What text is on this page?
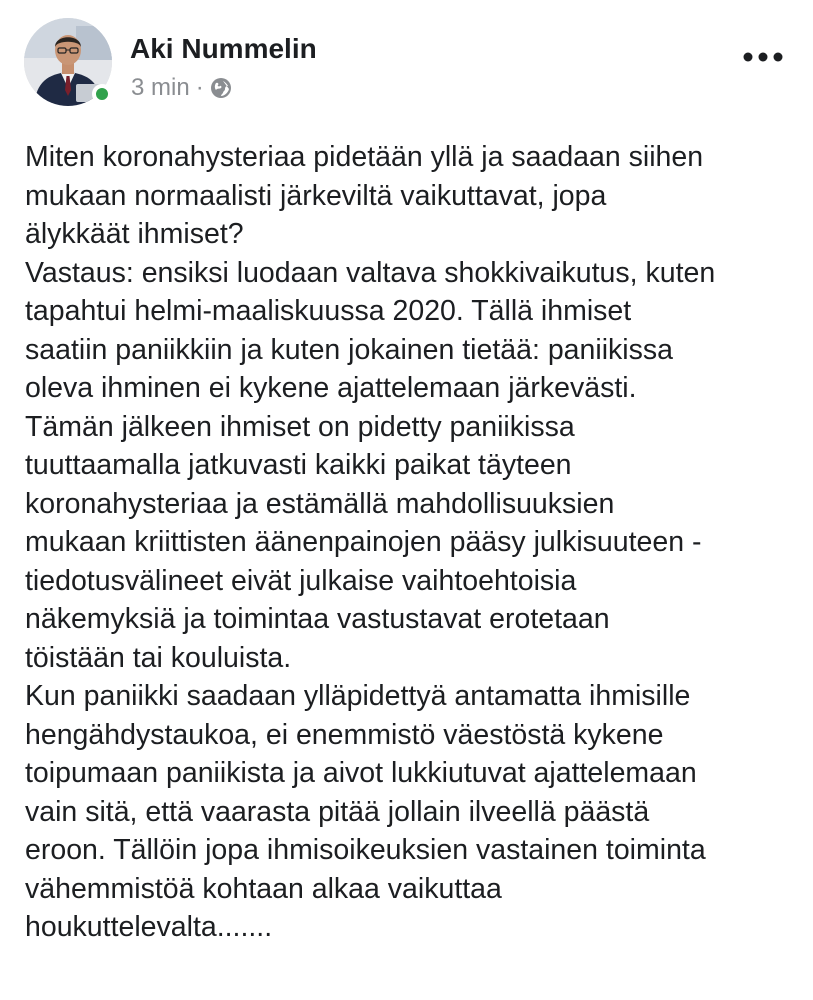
Aki Nummelin
3 min ·
Miten koronahysteriaa pidetään yllä ja saadaan siihen
mukaan normaalisti järkeviltä vaikuttavat, jopa
älykkäät ihmiset?
Vastaus: ensiksi luodaan valtava shokkivaikutus, kuten
tapahtui helmi-maaliskuussa 2020. Tällä ihmiset
saatiin paniikkiin ja kuten jokainen tietää: paniikissa
oleva ihminen ei kykene ajattelemaan järkevästi.
Tämän jälkeen ihmiset on pidetty paniikissa
tuuttaamalla jatkuvasti kaikki paikat täyteen
koronahysteriaa ja estämällä mahdollisuuksien
mukaan kriittisten äänenpainojen pääsy julkisuuteen -
tiedotusvälineet eivät julkaise vaihtoehtoisia
näkemyksiä ja toimintaa vastustavat erotetaan
töistään tai kouluista.
Kun paniikki saadaan ylläpidettyä antamatta ihmisille
hengähdystaukoa, ei enemmistö väestöstä kykene
toipumaan paniikista ja aivot lukkiutuvat ajattelemaan
vain sitä, että vaarasta pitää jollain ilveellä päästä
eroon. Tällöin jopa ihmisoikeuksien vastainen toiminta
vähemmistöä kohtaan alkaa vaikuttaa
houkuttelevalta.......
